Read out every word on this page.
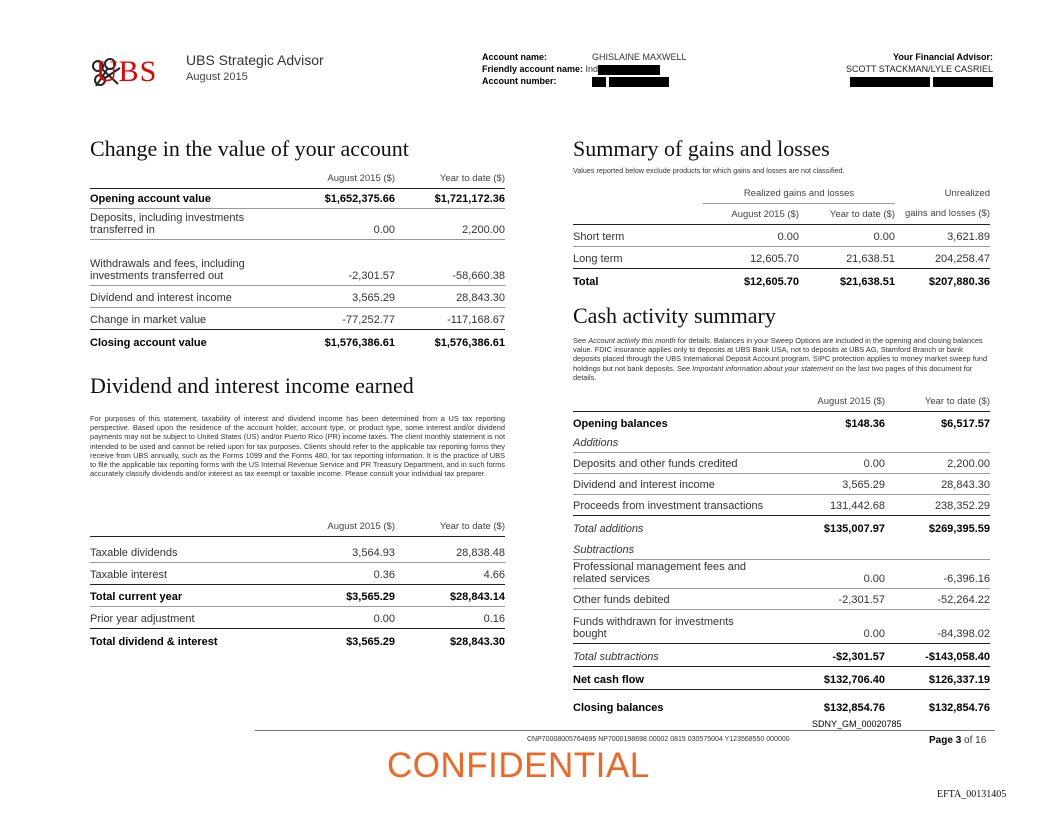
UBS UBS Strategic Advisor
August 2015
Account name:	GHISLAINE MAXWELL
Friendly account name: Ind
Account number:
Your Financial Advisor:
SCOTT STACKMAN/LYLE CASRIEL

Change in the value of your account
	August 2015 ($)	Year to date ($)
Opening account value	$1,652,375.66	$1,721,172.36
Deposits, including investments transferred in	0.00	2,200.00
Withdrawals and fees, including investments transferred out	-2,301.57	-58,660.38
Dividend and interest income	3,565.29	28,843.30
Change in market value	-77,252.77	-117,168.67
Closing account value	$1,576,386.61	$1,576,386.61
Dividend and interest income earned
For purposes of this statement, taxability of interest and dividend income has been determined from a US tax reporting perspective. Based upon the residence of the account holder, account type, or product type, some interest and/or dividend payments may not be subject to United States (US) and/or Puerto Rico (PR) income taxes. The client monthly statement is not intended to be used and cannot be relied upon for tax purposes. Clients should refer to the applicable tax reporting forms they receive from UBS annually, such as the Forms 1099 and the Forms 480, for tax reporting information. It is the practice of UBS to file the applicable tax reporting forms with the US Internal Revenue Service and PR Treasury Department, and in such forms accurately classify dividends and/or interest as tax exempt or taxable income. Please consult your individual tax preparer.
	August 2015 ($)	Year to date ($)
Taxable dividends	3,564.93	28,838.48
Taxable interest	0.36	4.66
Total current year	$3,565.29	$28,843.14
Prior year adjustment	0.00	0.16
Total dividend & interest	$3,565.29	$28,843.30
Summary of gains and losses
Values reported below exclude products for which gains and losses are not classified.
	Realized gains and losses		Unrealized
	August 2015 ($)	Year to date ($)	gains and losses ($)
Short term	0.00	0.00	3,621.89
Long term	12,605.70	21,638.51	204,258.47
Total	$12,605.70	$21,638.51	$207,880.36
Cash activity summary
See Account activity this month for details. Balances in your Sweep Options are included in the opening and closing balances value. FDIC insurance applies only to deposits at UBS Bank USA, not to deposits at UBS AG, Stamford Branch or bank deposits placed through the UBS International Deposit Account program. SIPC protection applies to money market sweep fund holdings but not bank deposits. See Important information about your statement on the last two pages of this document for details.
	August 2015 ($)	Year to date ($)
Opening balances	$148.36	$6,517.57
Additions		
Deposits and other funds credited	0.00	2,200.00
Dividend and interest income	3,565.29	28,843.30
Proceeds from investment transactions	131,442.68	238,352.29
Total additions	$135,007.97	$269,395.59
Subtractions		
Professional management fees and related services	0.00	-6,396.16
Other funds debited	-2,301.57	-52,264.22
Funds withdrawn for investments bought	0.00	-84,398.02
Total subtractions	-$2,301.57	-$143,058.40
Net cash flow	$132,706.40	$126,337.19
Closing balances	$132,854.76	$132,854.76
SDNY_GM_00020785
CNP70008005764695 NP7000198698 00002 0815 030575004 Y123568550 000000	Page 3 of 16
CONFIDENTIAL
EFTA_00131405
